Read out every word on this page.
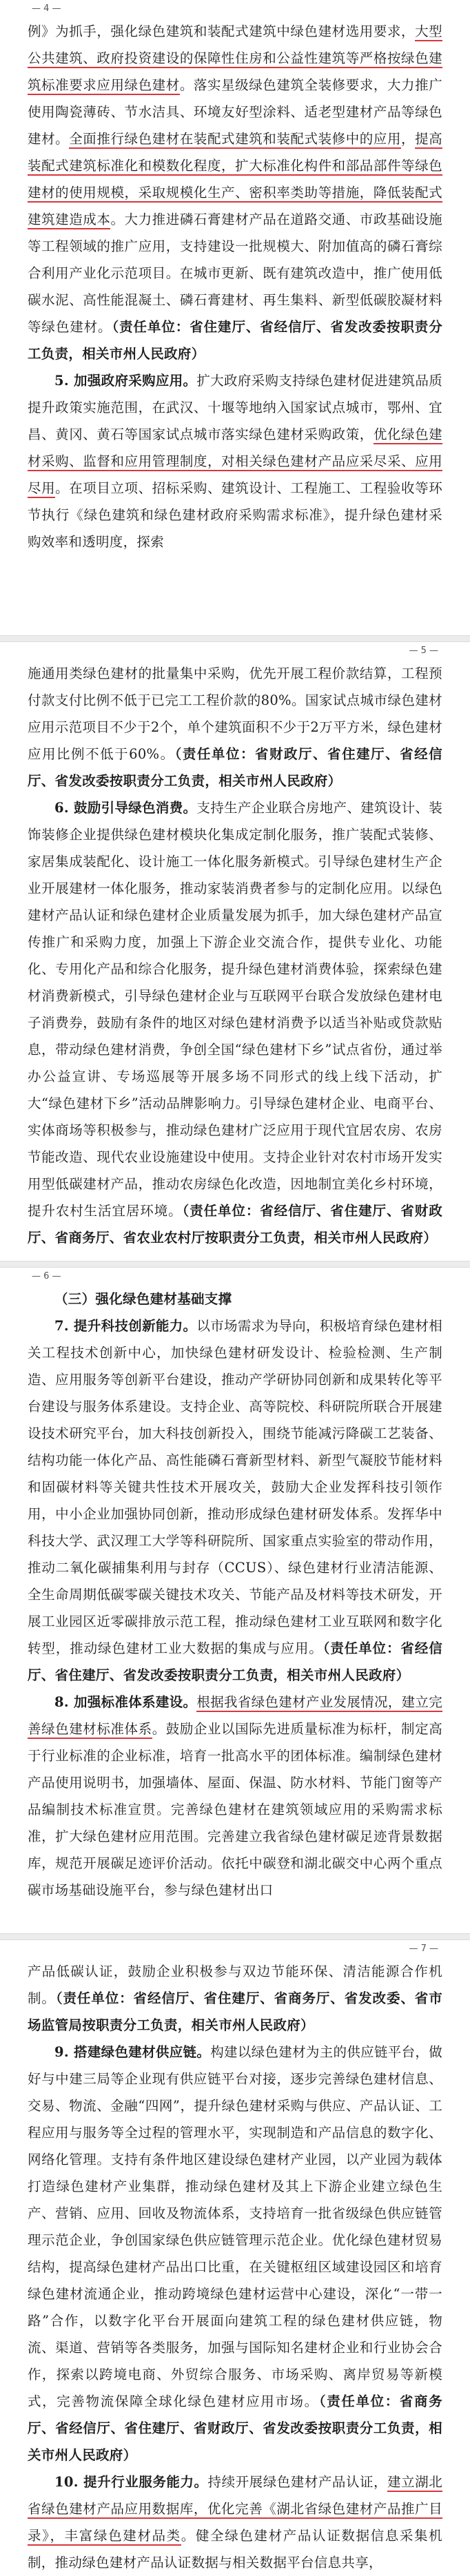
— 4 —

例》为抓手，强化绿色建筑和装配式建筑中绿色建材选用要求，大型公共建筑、政府投资建设的保障性住房和公益性建筑等严格按绿色建筑标准要求应用绿色建材。落实星级绿色建筑全装修要求，大力推广使用陶瓷薄砖、节水洁具、环境友好型涂料、适老型建材产品等绿色建材。全面推行绿色建材在装配式建筑和装配式装修中的应用，提高装配式建筑标准化和模数化程度，扩大标准化构件和部品部件等绿色建材的使用规模，采取规模化生产、密积率类助等措施，降低装配式建筑建造成本。大力推进磷石膏建材产品在道路交通、市政基础设施等工程领域的推广应用，支持建设一批规模大、附加值高的磷石膏综合利用产业化示范项目。在城市更新、既有建筑改造中，推广使用低碳水泥、高性能混凝土、磷石膏建材、再生集料、新型低碳胶凝材料等绿色建材。（责任单位：省住建厅、省经信厅、省发改委按职责分工负责，相关市州人民政府）

5. 加强政府采购应用。扩大政府采购支持绿色建材促进建筑品质提升政策实施范围，在武汉、十堰等地纳入国家试点城市，鄂州、宜昌、黄冈、黄石等国家试点城市落实绿色建材采购政策，优化绿色建材采购、监督和应用管理制度，对相关绿色建材产品应采尽采、应用尽用。在项目立项、招标采购、建筑设计、工程施工、工程验收等环节执行《绿色建筑和绿色建材政府采购需求标准》，提升绿色建材采购效率和透明度，探索

— 5 —

施通用类绿色建材的批量集中采购，优先开展工程价款结算，工程预付款支付比例不低于已完工工程价款的80%。国家试点城市绿色建材应用示范项目不少于2个，单个建筑面积不少于2万平方米，绿色建材应用比例不低于60%。（责任单位：省财政厅、省住建厅、省经信厅、省发改委按职责分工负责，相关市州人民政府）

6. 鼓励引导绿色消费。支持生产企业联合房地产、建筑设计、装饰装修企业提供绿色建材模块化集成定制化服务，推广装配式装修、家居集成装配化、设计施工一体化服务新模式。引导绿色建材生产企业开展建材一体化服务，推动家装消费者参与的定制化应用。以绿色建材产品认证和绿色建材企业质量发展为抓手，加大绿色建材产品宣传推广和采购力度，加强上下游企业交流合作，提供专业化、功能化、专用化产品和综合化服务，提升绿色建材消费体验，探索绿色建材消费新模式，引导绿色建材企业与互联网平台联合发放绿色建材电子消费券，鼓励有条件的地区对绿色建材消费予以适当补贴或贷款贴息，带动绿色建材消费，争创全国“绿色建材下乡”试点省份，通过举办公益宣讲、专场巡展等开展多场不同形式的线上线下活动，扩大“绿色建材下乡”活动品牌影响力。引导绿色建材企业、电商平台、实体商场等积极参与，推动绿色建材广泛应用于现代宜居农房、农房节能改造、现代农业设施建设中使用。支持企业针对农村市场开发实用型低碳建材产品，推动农房绿色化改造，因地制宜美化乡村环境，提升农村生活宜居环境。（责任单位：省经信厅、省住建厅、省财政厅、省商务厅、省农业农村厅按职责分工负责，相关市州人民政府）

— 6 —

（三）强化绿色建材基础支撑

7. 提升科技创新能力。以市场需求为导向，积极培育绿色建材相关工程技术创新中心，加快绿色建材研发设计、检验检测、生产制造、应用服务等创新平台建设，推动产学研协同创新和成果转化等平台建设与服务体系建设。支持企业、高等院校、科研院所联合开展建设技术研究平台，加大科技创新投入，围绕节能减污降碳工艺装备、结构功能一体化产品、高性能磷石膏新型材料、新型气凝胶节能材料和固碳材料等关键共性技术开展攻关，鼓励大企业发挥科技引领作用，中小企业加强协同创新，推动形成绿色建材研发体系。发挥华中科技大学、武汉理工大学等科研院所、国家重点实验室的带动作用，推动二氧化碳捕集利用与封存（CCUS）、绿色建材行业清洁能源、全生命周期低碳零碳关键技术攻关、节能产品及材料等技术研发，开展工业园区近零碳排放示范工程，推动绿色建材工业互联网和数字化转型，推动绿色建材工业大数据的集成与应用。（责任单位：省经信厅、省住建厅、省发改委按职责分工负责，相关市州人民政府）

8. 加强标准体系建设。根据我省绿色建材产业发展情况，建立完善绿色建材标准体系。鼓励企业以国际先进质量标准为标杆，制定高于行业标准的企业标准，培育一批高水平的团体标准。编制绿色建材产品使用说明书，加强墙体、屋面、保温、防水材料、节能门窗等产品编制技术标准宣贯。完善绿色建材在建筑领域应用的采购需求标准，扩大绿色建材应用范围。完善建立我省绿色建材碳足迹背景数据库，规范开展碳足迹评价活动。依托中碳登和湖北碳交中心两个重点碳市场基础设施平台，参与绿色建材出口

— 7 —

产品低碳认证，鼓励企业积极参与双边节能环保、清洁能源合作机制。（责任单位：省经信厅、省住建厅、省商务厅、省发改委、省市场监管局按职责分工负责，相关市州人民政府）

9. 搭建绿色建材供应链。构建以绿色建材为主的供应链平台，做好与中建三局等企业现有供应链平台对接，逐步完善绿色建材信息、交易、物流、金融“四网”，提升绿色建材采购与供应、产品认证、工程应用与服务等全过程的管理水平，实现制造和产品信息的数字化、网络化管理。支持有条件地区建设绿色建材产业园，以产业园为载体打造绿色建材产业集群，推动绿色建材及其上下游企业建立绿色生产、营销、应用、回收及物流体系，支持培育一批省级绿色供应链管理示范企业，争创国家绿色供应链管理示范企业。优化绿色建材贸易结构，提高绿色建材产品出口比重，在关键枢纽区域建设园区和培育绿色建材流通企业，推动跨境绿色建材运营中心建设，深化“一带一路”合作，以数字化平台开展面向建筑工程的绿色建材供应链，物流、渠道、营销等各类服务，加强与国际知名建材企业和行业协会合作，探索以跨境电商、外贸综合服务、市场采购、离岸贸易等新模式，完善物流保障全球化绿色建材应用市场。（责任单位：省商务厅、省经信厅、省住建厅、省财政厅、省发改委按职责分工负责，相关市州人民政府）

10. 提升行业服务能力。持续开展绿色建材产品认证，建立湖北省绿色建材产品应用数据库，优化完善《湖北省绿色建材产品推广目录》，丰富绿色建材品类。健全绿色建材产品认证数据信息采集机制，推动绿色建材产品认证数据与相关数据平台信息共享，
